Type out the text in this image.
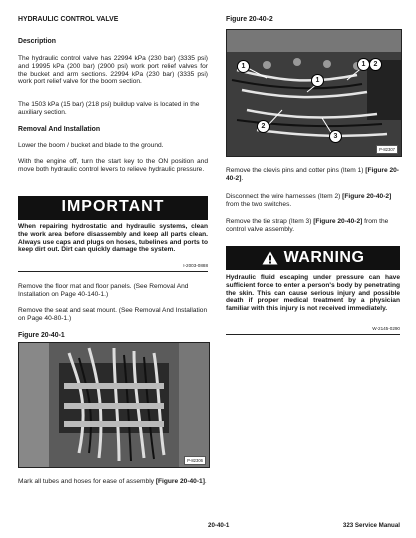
HYDRAULIC CONTROL VALVE
Description
The hydraulic control valve has 22994 kPa (230 bar) (3335 psi) and 19995 kPa (200 bar) (2900 psi) work port relief valves for the bucket and arm sections. 22994 kPa (230 bar) (3335 psi) work port relief valve for the boom section.
The 1503 kPa (15 bar) (218 psi) buildup valve is located in the auxiliary section.
Removal And Installation
Lower the boom / bucket and blade to the ground.
With the engine off, turn the start key to the ON position and move both hydraulic control levers to relieve hydraulic pressure.
IMPORTANT
When repairing hydrostatic and hydraulic systems, clean the work area before disassembly and keep all parts clean. Always use caps and plugs on hoses, tubelines and ports to keep dirt out. Dirt can quickly damage the system.
I-2003-0888
Remove the floor mat and floor panels. (See Removal And Installation on Page 40-140-1.)
Remove the seat and seat mount. (See Removal And Installation on Page 40-80-1.)
Figure 20-40-1
P-82306
Mark all tubes and hoses for ease of assembly [Figure 20-40-1].
Figure 20-40-2
1	1	2
1
2
3
P-82307
Remove the clevis pins and cotter pins (Item 1) [Figure 20-40-2].
Disconnect the wire harnesses (Item 2) [Figure 20-40-2] from the two switches.
Remove the tie strap (Item 3) [Figure 20-40-2] from the control valve assembly.
WARNING
Hydraulic fluid escaping under pressure can have sufficient force to enter a person's body by penetrating the skin. This can cause serious injury and possible death if proper medical treatment by a physician familiar with this injury is not received immediately.
W-2145-0290
20-40-1	323 Service Manual
